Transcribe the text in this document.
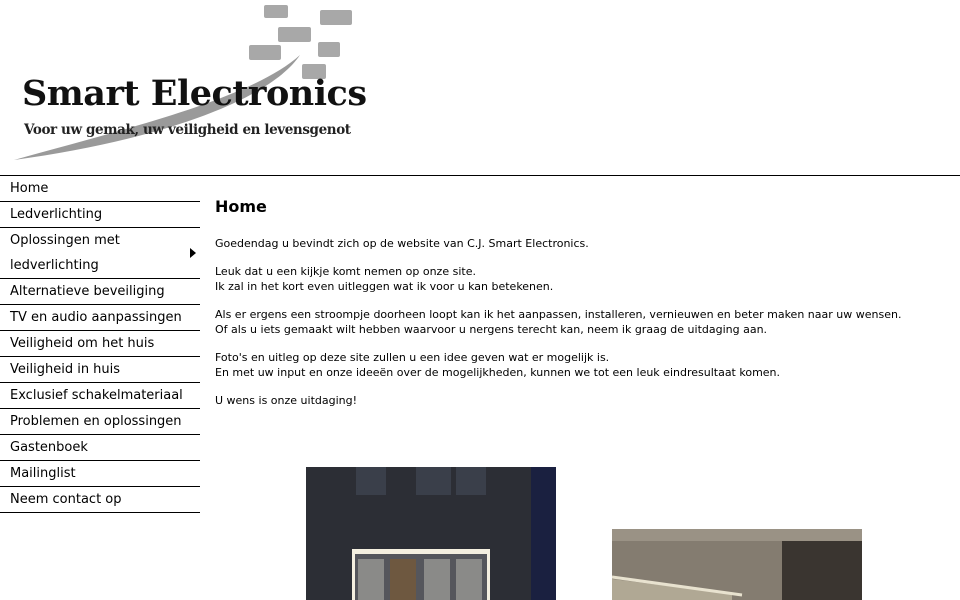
Smart Electronics
Voor uw gemak, uw veiligheid en levensgenot
Home
Ledverlichting
Oplossingen met ledverlichting
Alternatieve beveiliging
TV en audio aanpassingen
Veiligheid om het huis
Veiligheid in huis
Exclusief schakelmateriaal
Problemen en oplossingen
Gastenboek
Mailinglist
Neem contact op
Home

Goedendag u bevindt zich op de website van C.J. Smart Electronics.

Leuk dat u een kijkje komt nemen op onze site.
Ik zal in het kort even uitleggen wat ik voor u kan betekenen.

Als er ergens een stroompje doorheen loopt kan ik het aanpassen, installeren, vernieuwen en beter maken naar uw wensen.
Of als u iets gemaakt wilt hebben waarvoor u nergens terecht kan, neem ik graag de uitdaging aan.

Foto's en uitleg op deze site zullen u een idee geven wat er mogelijk is.
En met uw input en onze ideeën over de mogelijkheden, kunnen we tot een leuk eindresultaat komen.

U wens is onze uitdaging!
